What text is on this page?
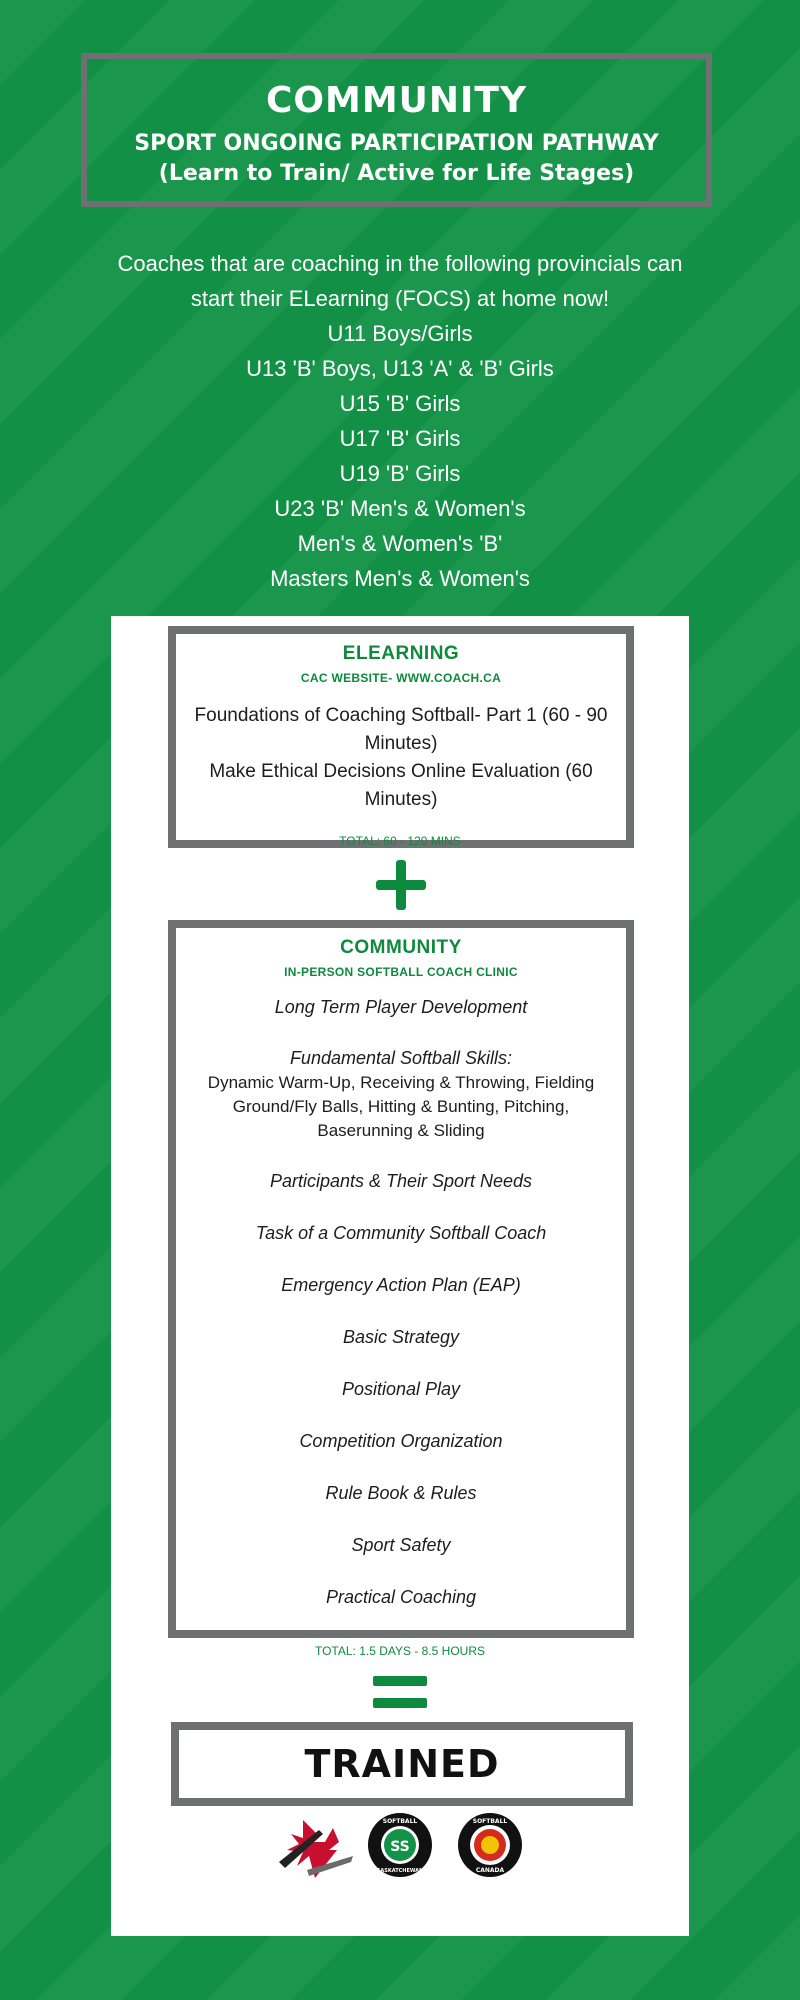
COMMUNITY
SPORT ONGOING PARTICIPATION PATHWAY
(Learn to Train/ Active for Life Stages)
Coaches that are coaching in the following provincials can
start their ELearning (FOCS) at home now!
U11 Boys/Girls
U13 'B' Boys, U13 'A' & 'B' Girls
U15 'B' Girls
U17 'B' Girls
U19 'B' Girls
U23 'B' Men's & Women's
Men's & Women's 'B'
Masters Men's & Women's
ELEARNING
CAC WEBSITE- WWW.COACH.CA
Foundations of Coaching Softball- Part 1 (60 - 90 Minutes)
Make Ethical Decisions Online Evaluation (60 Minutes)
TOTAL: 60 - 120 MINS
COMMUNITY
IN-PERSON SOFTBALL COACH CLINIC
Long Term Player Development
Fundamental Softball Skills:
Dynamic Warm-Up, Receiving & Throwing, Fielding Ground/Fly Balls, Hitting & Bunting, Pitching, Baserunning & Sliding
Participants & Their Sport Needs
Task of a Community Softball Coach
Emergency Action Plan (EAP)
Basic Strategy
Positional Play
Competition Organization
Rule Book & Rules
Sport Safety
Practical Coaching
TOTAL: 1.5 DAYS - 8.5 HOURS
TRAINED
SS
SOFTBALL
SASKATCHEWAN
SOFTBALL
CANADA
